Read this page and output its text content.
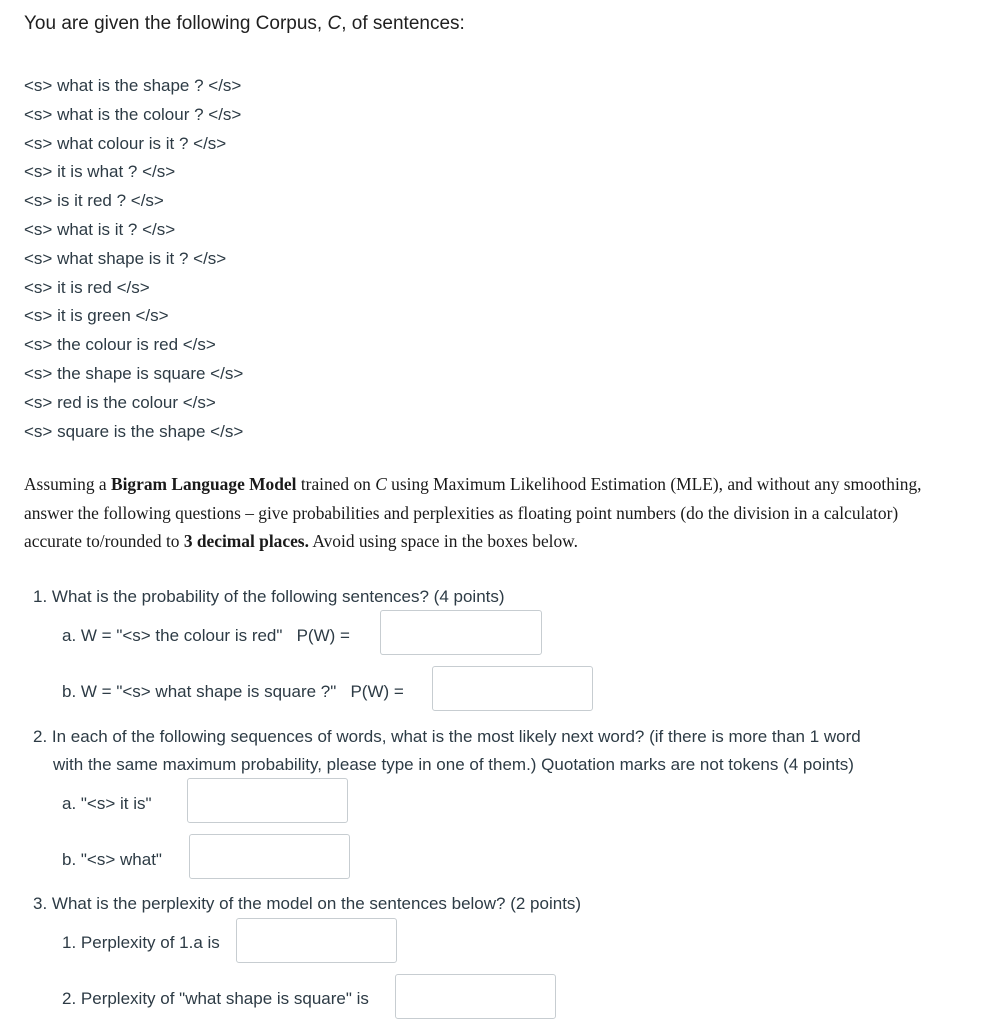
You are given the following Corpus, C, of sentences:

<s> what is the shape ? </s>
<s> what is the colour ? </s>
<s> what colour is it ? </s>
<s> it is what ? </s>
<s> is it red ? </s>
<s> what is it ? </s>
<s> what shape is it ? </s>
<s> it is red </s>
<s> it is green </s>
<s> the colour is red </s>
<s> the shape is square </s>
<s> red is the colour </s>
<s> square is the shape </s>

Assuming a Bigram Language Model trained on C using Maximum Likelihood Estimation (MLE), and without any smoothing, answer the following questions – give probabilities and perplexities as floating point numbers (do the division in a calculator) accurate to/rounded to 3 decimal places. Avoid using space in the boxes below.

1. What is the probability of the following sentences? (4 points)
a. W = "<s> the colour is red"   P(W) =
b. W = "<s> what shape is square ?"   P(W) =
2. In each of the following sequences of words, what is the most likely next word? (if there is more than 1 word
with the same maximum probability, please type in one of them.) Quotation marks are not tokens (4 points)
a. "<s> it is"
b. "<s> what"
3. What is the perplexity of the model on the sentences below? (2 points)
1. Perplexity of 1.a is
2. Perplexity of "what shape is square" is
